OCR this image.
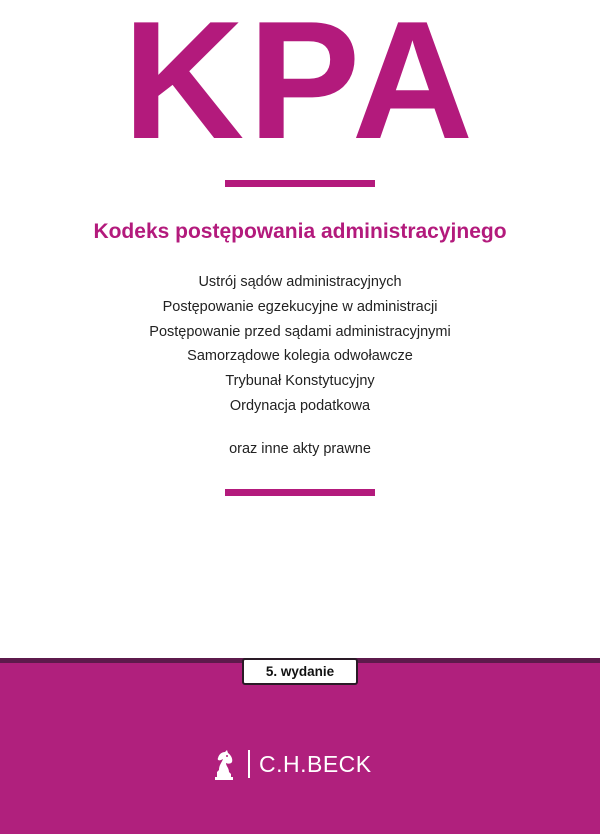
KPA
Kodeks postępowania administracyjnego
Ustrój sądów administracyjnych
Postępowanie egzekucyjne w administracji
Postępowanie przed sądami administracyjnymi
Samorządowe kolegia odwoławcze
Trybunał Konstytucyjny
Ordynacja podatkowa

oraz inne akty prawne

5. wydanie
C.H.BECK
